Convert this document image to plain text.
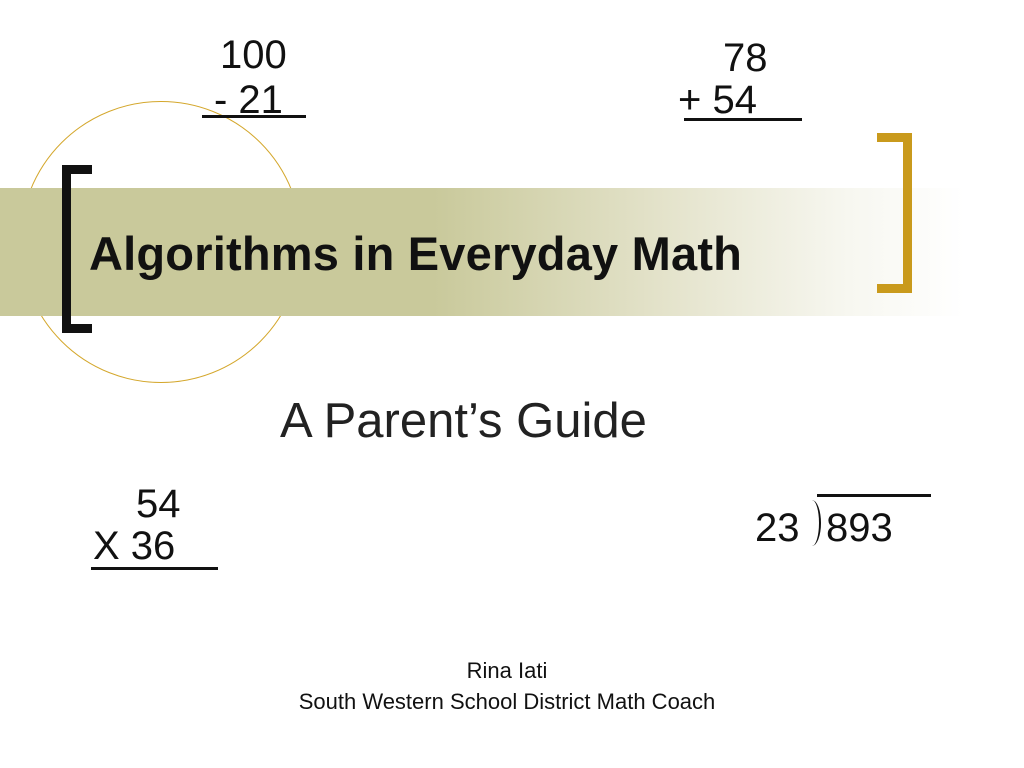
Algorithms in Everyday Math
A Parent’s Guide
100
- 21
78
+ 54
54
X 36	23 893
Rina Iati
South Western School District Math Coach
